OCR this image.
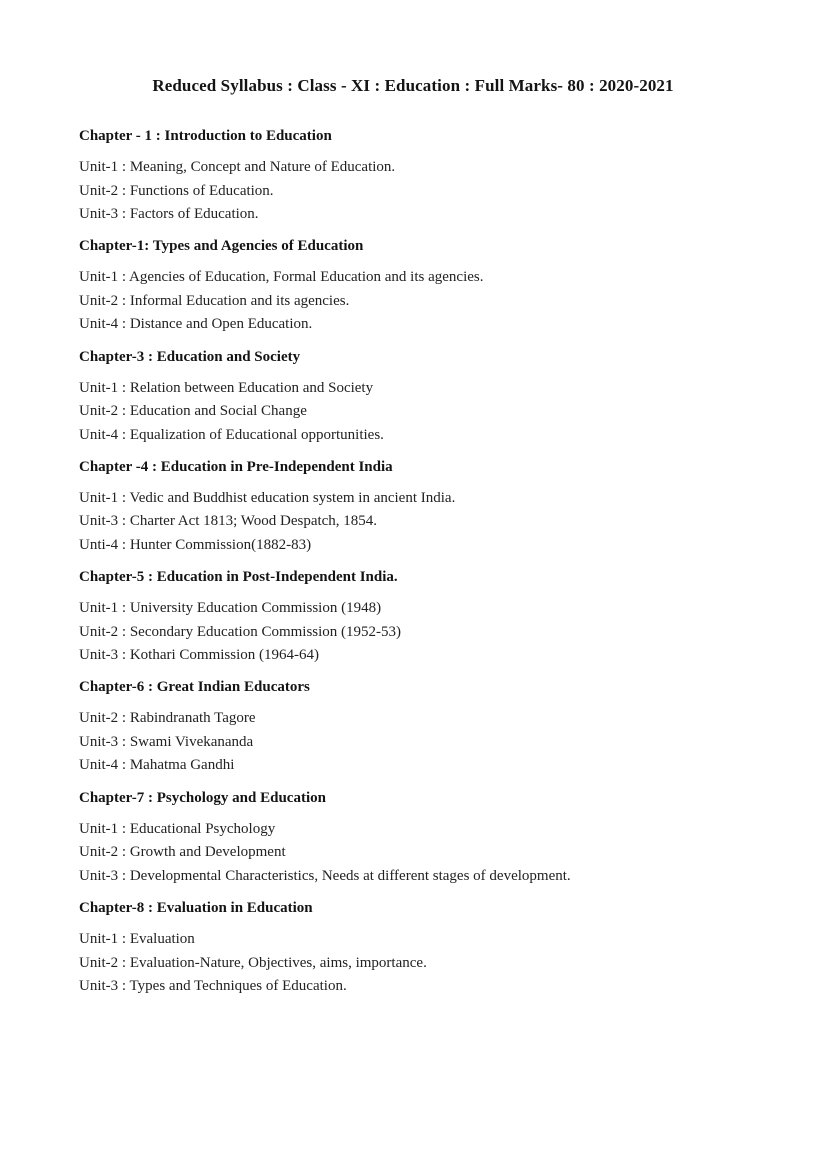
Reduced Syllabus : Class - XI : Education : Full Marks- 80 : 2020-2021
Chapter - 1 : Introduction to Education
Unit-1 : Meaning, Concept and Nature of Education.
Unit-2 : Functions of Education.
Unit-3 : Factors of Education.
Chapter-1: Types and Agencies of Education
Unit-1 : Agencies of Education, Formal Education and its agencies.
Unit-2 : Informal Education and its agencies.
Unit-4 : Distance and Open Education.
Chapter-3 : Education and Society
Unit-1 : Relation between Education and Society
Unit-2 : Education and Social Change
Unit-4 : Equalization of Educational opportunities.
Chapter -4 : Education in Pre-Independent India
Unit-1 : Vedic and Buddhist education system in ancient India.
Unit-3 : Charter Act 1813; Wood Despatch, 1854.
Unti-4 : Hunter Commission(1882-83)
Chapter-5 : Education in Post-Independent India.
Unit-1 : University Education Commission (1948)
Unit-2 : Secondary Education Commission (1952-53)
Unit-3 : Kothari Commission (1964-64)
Chapter-6 : Great Indian Educators
Unit-2 : Rabindranath Tagore
Unit-3 : Swami Vivekananda
Unit-4 : Mahatma Gandhi
Chapter-7 : Psychology and Education
Unit-1 : Educational Psychology
Unit-2 : Growth and Development
Unit-3 : Developmental Characteristics, Needs at different stages of development.
Chapter-8 : Evaluation in Education
Unit-1 : Evaluation
Unit-2 : Evaluation-Nature, Objectives, aims, importance.
Unit-3 : Types and Techniques of Education.
